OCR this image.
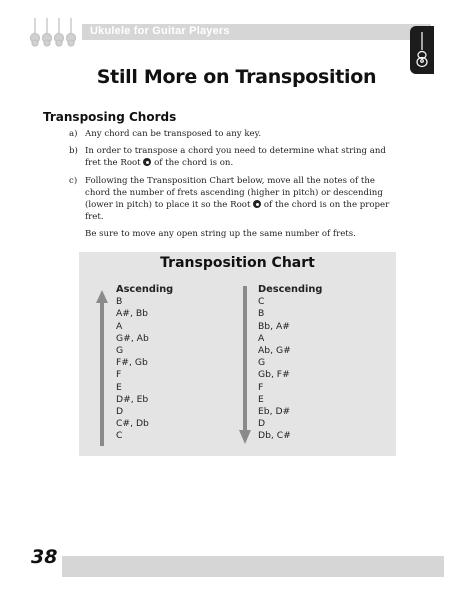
Ukulele for Guitar Players
Still More on Transposition
Transposing Chords
a) Any chord can be transposed to any key.
b) In order to transpose a chord you need to determine what string and fret the Root of the chord is on.
c) Following the Transposition Chart below, move all the notes of the chord the number of frets ascending (higher in pitch) or descending (lower in pitch) to place it so the Root of the chord is on the proper fret.
Be sure to move any open string up the same number of frets.
Transposition Chart
Ascending
B
A#, Bb
A
G#, Ab
G
F#, Gb
F
E
D#, Eb
D
C#, Db
C
Descending
C
B
Bb, A#
A
Ab, G#
G
Gb, F#
F
E
Eb, D#
D
Db, C#
38
